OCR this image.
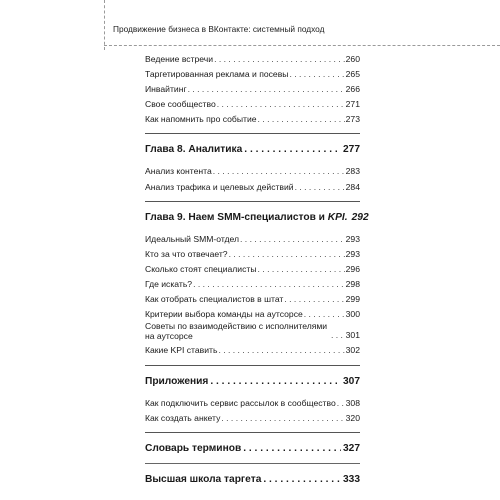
Продвижение бизнеса в ВКонтакте: системный подход
Ведение встречи . . .	260
Таргетированная реклама и посевы . . .	265
Инвайтинг . . .	266
Свое сообщество . . .	271
Как напомнить про событие . . .	273
Глава 8. Аналитика . . .	277
Анализ контента . . .	283
Анализ трафика и целевых действий . . .	284
Глава 9. Наем SMM-специалистов и KPI. 292
Идеальный SMM-отдел . . .	293
Кто за что отвечает? . . .	293
Сколько стоят специалисты . . .	296
Где искать? . . .	298
Как отобрать специалистов в штат . . .	299
Критерии выбора команды на аутсорсе . . .	300
Советы по взаимодействию с исполнителями на аутсорсе . . .	301
Какие KPI ставить . . .	302
Приложения . . .	307
Как подключить сервис рассылок в сообщество . . . 308
Как создать анкету . . .	320
Словарь терминов . . .	327
Высшая школа таргета . . .	333
